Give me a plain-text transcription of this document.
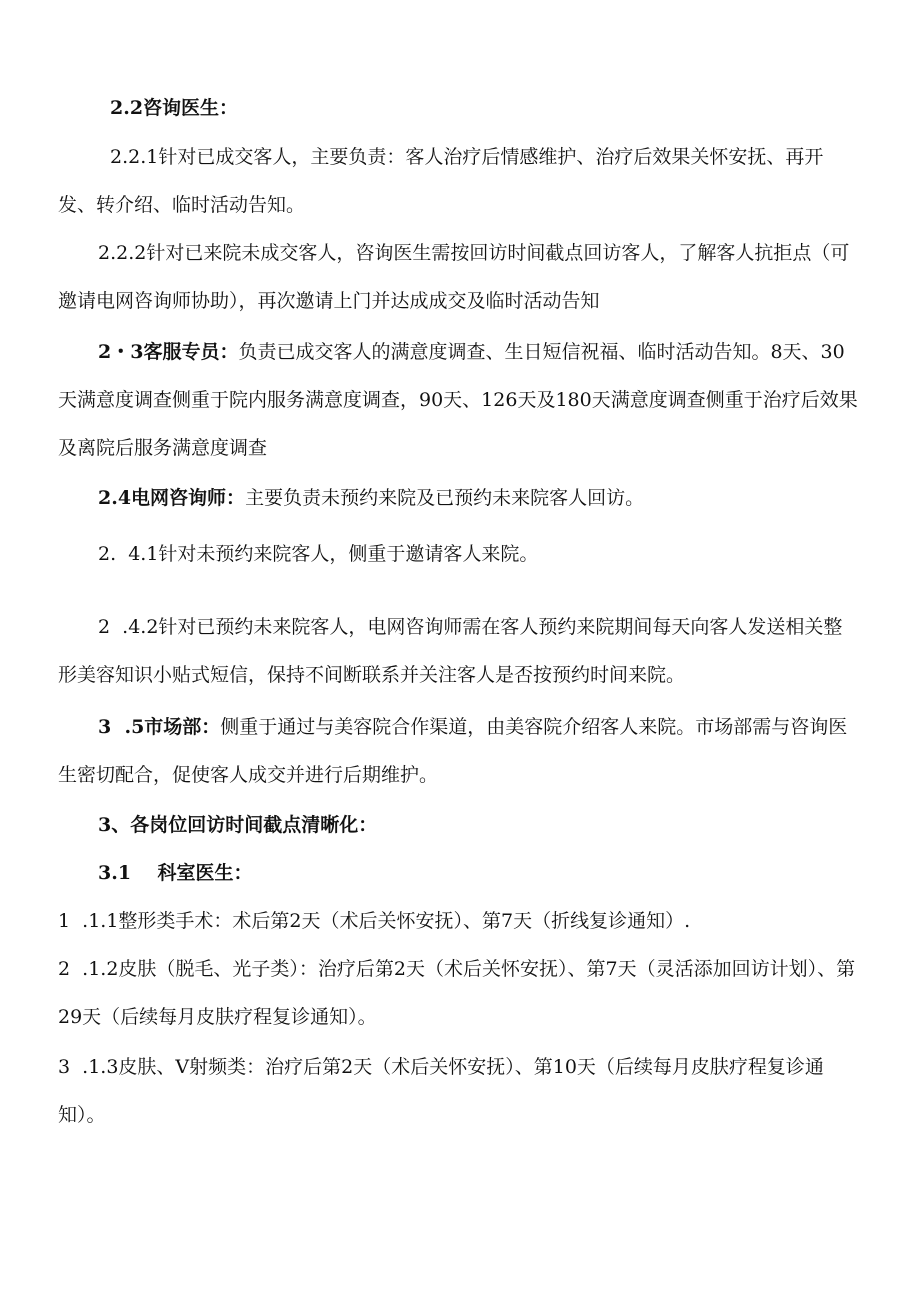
2.2咨询医生：

2.2.1针对已成交客人，主要负责：客人治疗后情感维护、治疗后效果关怀安抚、再开发、转介绍、临时活动告知。

2.2.2针对已来院未成交客人，咨询医生需按回访时间截点回访客人，了解客人抗拒点（可邀请电网咨询师协助），再次邀请上门并达成成交及临时活动告知

2・3客服专员：负责已成交客人的满意度调查、生日短信祝福、临时活动告知。8天、30天满意度调查侧重于院内服务满意度调查，90天、126天及180天满意度调查侧重于治疗后效果及离院后服务满意度调查

2.4电网咨询师：主要负责未预约来院及已预约未来院客人回访。

2.  4.1针对未预约来院客人，侧重于邀请客人来院。

2  .4.2针对已预约未来院客人，电网咨询师需在客人预约来院期间每天向客人发送相关整形美容知识小贴式短信，保持不间断联系并关注客人是否按预约时间来院。

3  .5市场部：侧重于通过与美容院合作渠道，由美容院介绍客人来院。市场部需与咨询医生密切配合，促使客人成交并进行后期维护。

3、各岗位回访时间截点清晰化：

3.1    科室医生：

1  .1.1整形类手术：术后第2天（术后关怀安抚）、第7天（折线复诊通知）.

2  .1.2皮肤（脱毛、光子类）：治疗后第2天（术后关怀安抚）、第7天（灵活添加回访计划）、第29天（后续每月皮肤疗程复诊通知）。

3  .1.3皮肤、V射频类：治疗后第2天（术后关怀安抚）、第10天（后续每月皮肤疗程复诊通知）。
